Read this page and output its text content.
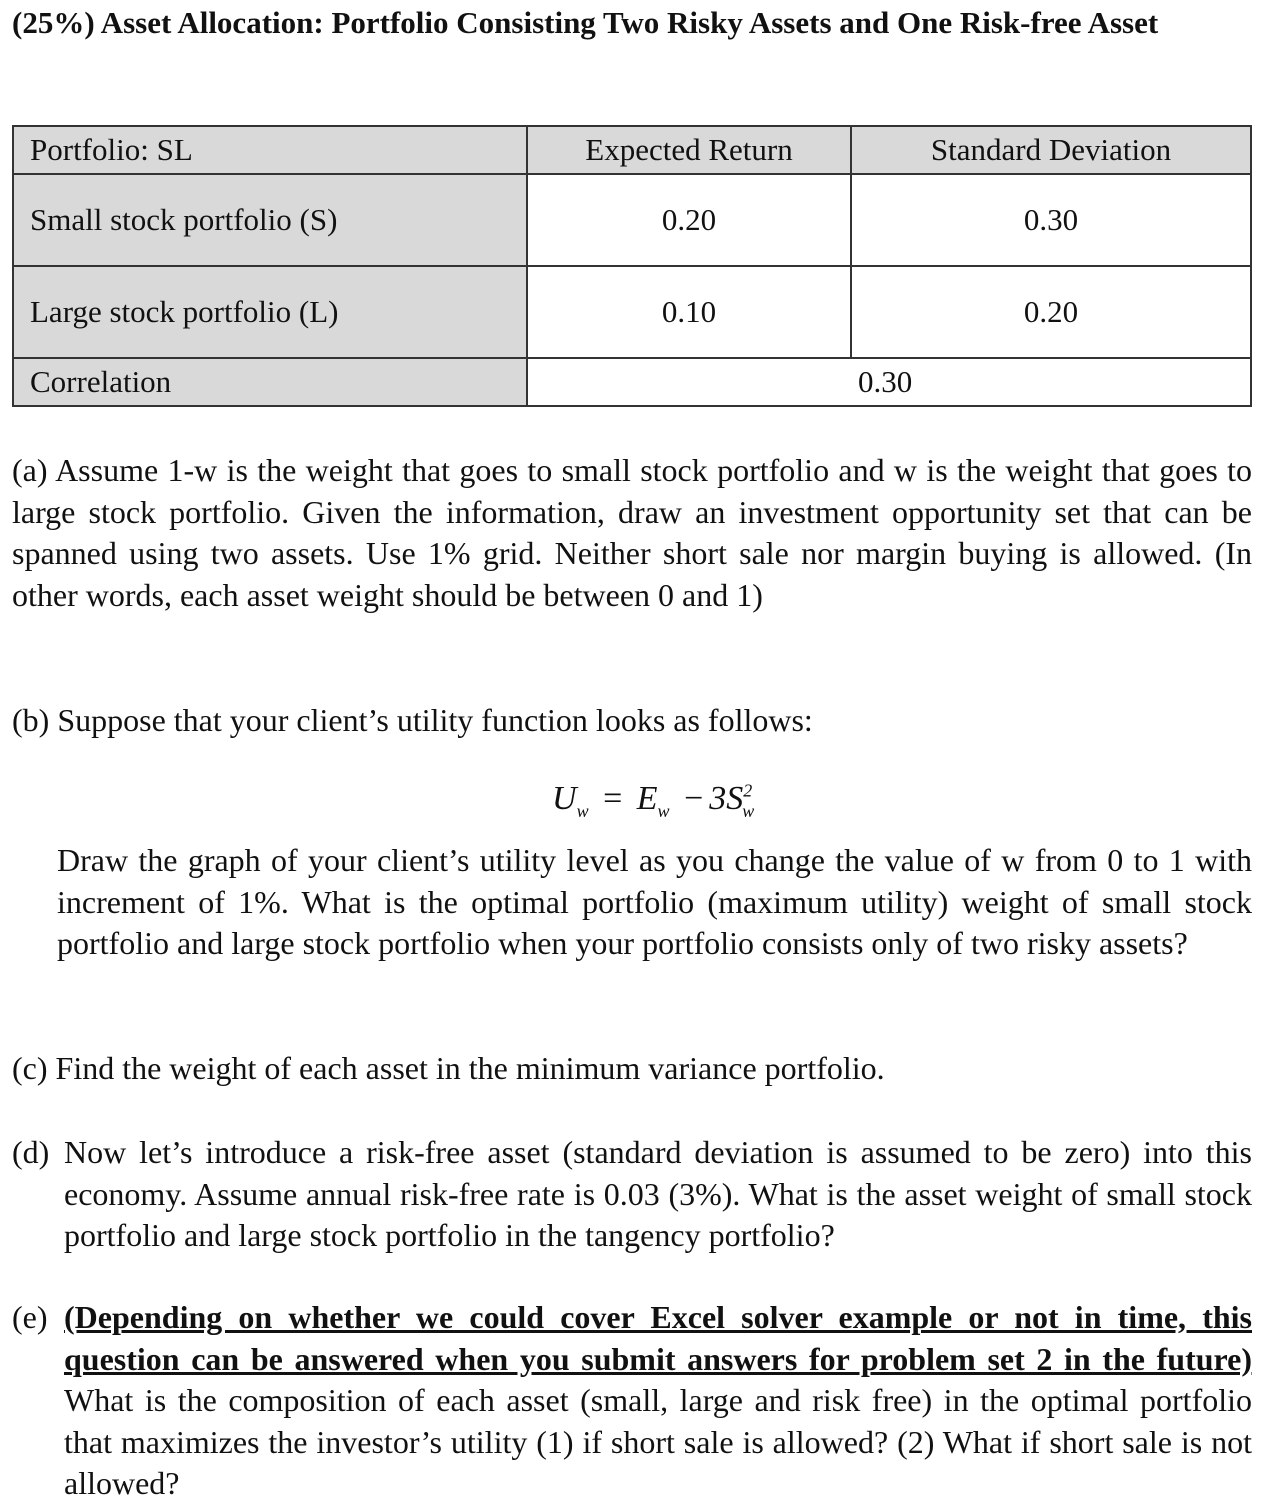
(25%) Asset Allocation: Portfolio Consisting Two Risky Assets and One Risk-free Asset
Portfolio: SL	Expected Return	Standard Deviation
Small stock portfolio (S)	0.20	0.30
Large stock portfolio (L)	0.10	0.20
Correlation	0.30	

(a) Assume 1-w is the weight that goes to small stock portfolio and w is the weight that goes to large stock portfolio. Given the information, draw an investment opportunity set that can be spanned using two assets. Use 1% grid. Neither short sale nor margin buying is allowed. (In other words, each asset weight should be between 0 and 1)

(b) Suppose that your client’s utility function looks as follows:

$U_w = E_w - 3S^2_w$

Draw the graph of your client’s utility level as you change the value of w from 0 to 1 with increment of 1%. What is the optimal portfolio (maximum utility) weight of small stock portfolio and large stock portfolio when your portfolio consists only of two risky assets?

(c) Find the weight of each asset in the minimum variance portfolio.

(d) Now let’s introduce a risk-free asset (standard deviation is assumed to be zero) into this economy. Assume annual risk-free rate is 0.03 (3%). What is the asset weight of small stock portfolio and large stock portfolio in the tangency portfolio?
(e) (Depending on whether we could cover Excel solver example or not in time, this question can be answered when you submit answers for problem set 2 in the future) What is the composition of each asset (small, large and risk free) in the optimal portfolio that maximizes the investor’s utility (1) if short sale is allowed? (2) What if short sale is not allowed?
